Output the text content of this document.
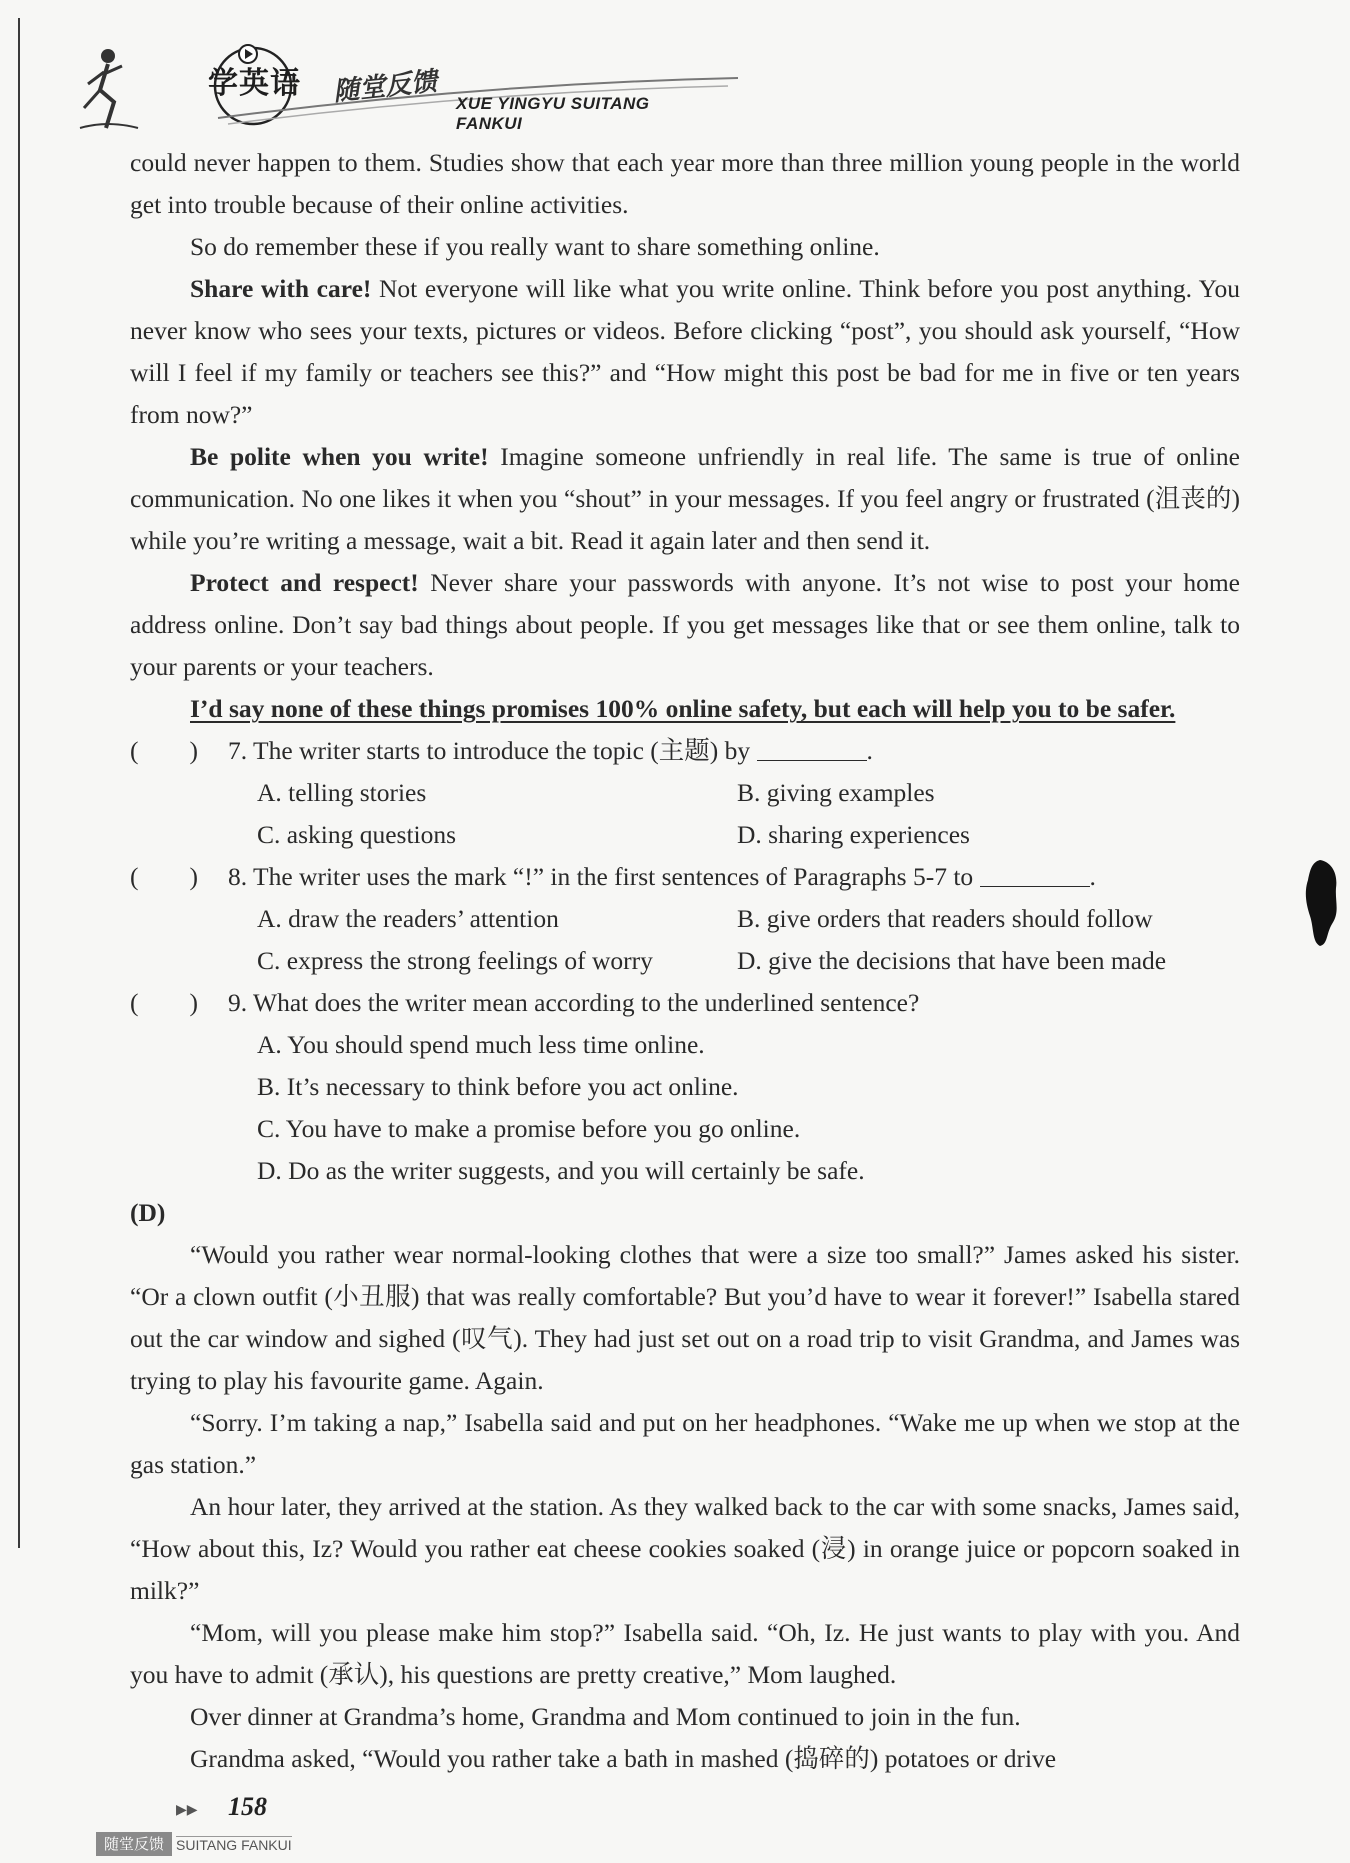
学英语 随堂反馈 XUE YINGYU SUITANG FANKUI

could never happen to them. Studies show that each year more than three million young people in the world get into trouble because of their online activities.

So do remember these if you really want to share something online.

Share with care! Not everyone will like what you write online. Think before you post anything. You never know who sees your texts, pictures or videos. Before clicking “post”, you should ask yourself, “How will I feel if my family or teachers see this?” and “How might this post be bad for me in five or ten years from now?”

Be polite when you write! Imagine someone unfriendly in real life. The same is true of online communication. No one likes it when you “shout” in your messages. If you feel angry or frustrated (沮丧的) while you’re writing a message, wait a bit. Read it again later and then send it.

Protect and respect! Never share your passwords with anyone. It’s not wise to post your home address online. Don’t say bad things about people. If you get messages like that or see them online, talk to your parents or your teachers.

I’d say none of these things promises 100% online safety, but each will help you to be safer.

(　　)	7. The writer starts to introduce the topic (主题) by	.
A. telling stories	B. giving examples
C. asking questions	D. sharing experiences
(　　)	8. The writer uses the mark “!” in the first sentences of Paragraphs 5-7 to	.
A. draw the readers’ attention	B. give orders that readers should follow
C. express the strong feelings of worry	D. give the decisions that have been made
(　　)	9. What does the writer mean according to the underlined sentence?
A. You should spend much less time online.
B. It’s necessary to think before you act online.
C. You have to make a promise before you go online.
D. Do as the writer suggests, and you will certainly be safe.

(D)

“Would you rather wear normal-looking clothes that were a size too small?” James asked his sister. “Or a clown outfit (小丑服) that was really comfortable? But you’d have to wear it forever!” Isabella stared out the car window and sighed (叹气). They had just set out on a road trip to visit Grandma, and James was trying to play his favourite game. Again.

“Sorry. I’m taking a nap,” Isabella said and put on her headphones. “Wake me up when we stop at the gas station.”

An hour later, they arrived at the station. As they walked back to the car with some snacks, James said, “How about this, Iz? Would you rather eat cheese cookies soaked (浸) in orange juice or popcorn soaked in milk?”

“Mom, will you please make him stop?” Isabella said. “Oh, Iz. He just wants to play with you. And you have to admit (承认), his questions are pretty creative,” Mom laughed.

Over dinner at Grandma’s home, Grandma and Mom continued to join in the fun.

Grandma asked, “Would you rather take a bath in mashed (捣碎的) potatoes or drive

▶▶ 158
随堂反馈 SUITANG FANKUI
